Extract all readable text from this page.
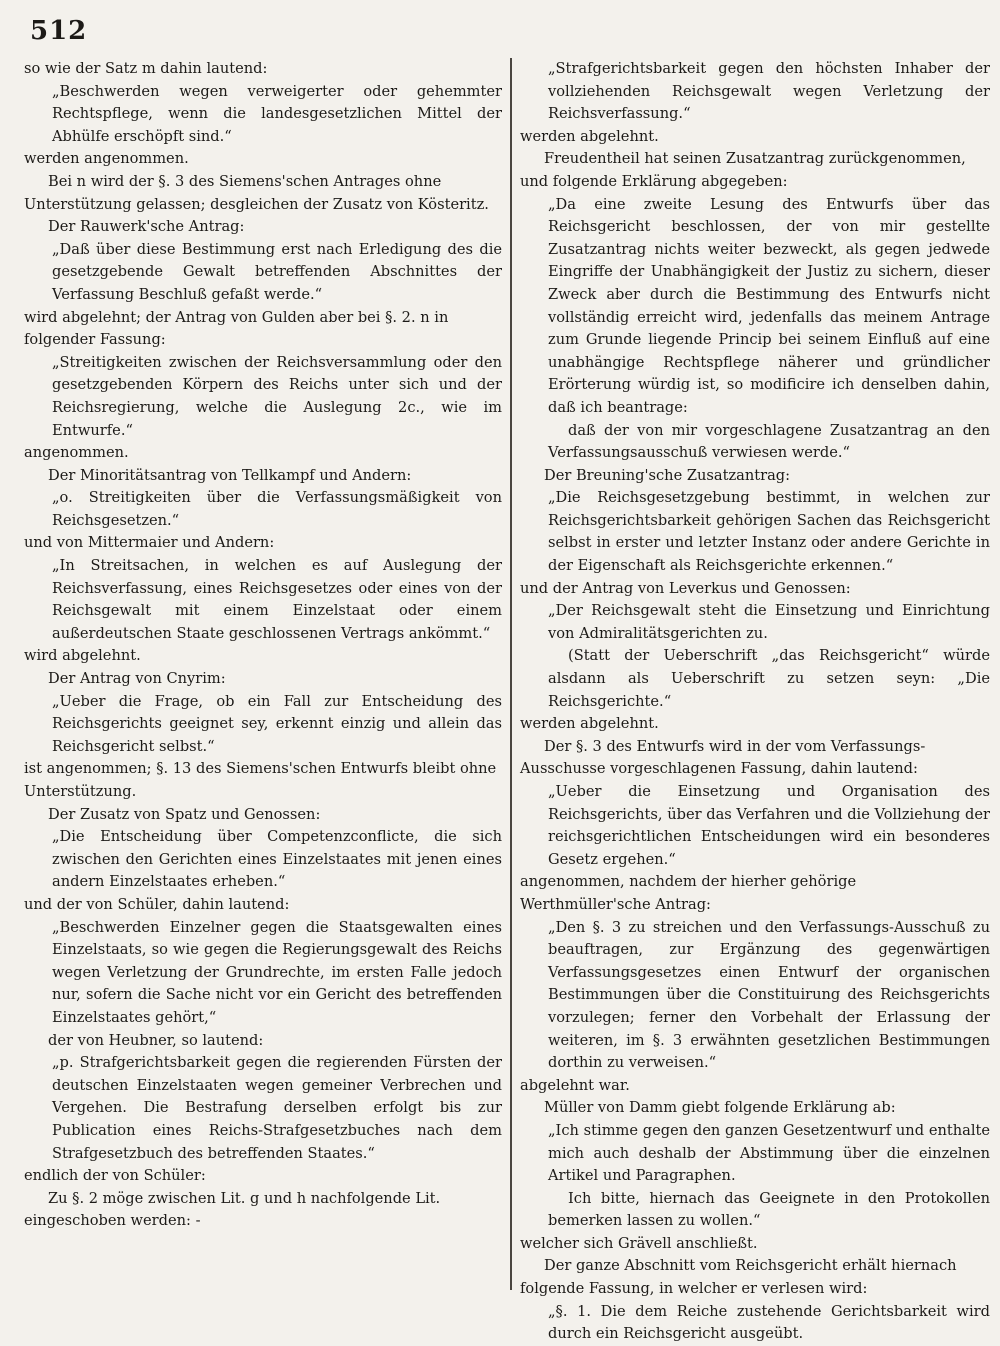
512

so wie der Satz m dahin lautend:

„Beschwerden wegen verweigerter oder gehemmter Rechtspflege, wenn die landesgesetzlichen Mittel der Abhülfe erschöpft sind.“

werden angenommen.

Bei n wird der §. 3 des Siemens'schen Antrages ohne Unterstützung gelassen; desgleichen der Zusatz von Kösteritz.

Der Rauwerk'sche Antrag:

„Daß über diese Bestimmung erst nach Erledigung des die gesetzgebende Gewalt betreffenden Abschnittes der Verfassung Beschluß gefaßt werde.“

wird abgelehnt; der Antrag von Gulden aber bei §. 2. n in folgender Fassung:

„Streitigkeiten zwischen der Reichsversammlung oder den gesetzgebenden Körpern des Reichs unter sich und der Reichsregierung, welche die Auslegung 2c., wie im Entwurfe.“

angenommen.

Der Minoritätsantrag von Tellkampf und Andern:

„o. Streitigkeiten über die Verfassungsmäßigkeit von Reichsgesetzen.“

und von Mittermaier und Andern:

„In Streitsachen, in welchen es auf Auslegung der Reichsverfassung, eines Reichsgesetzes oder eines von der Reichsgewalt mit einem Einzelstaat oder einem außerdeutschen Staate geschlossenen Vertrags ankömmt.“

wird abgelehnt.

Der Antrag von Cnyrim:

„Ueber die Frage, ob ein Fall zur Entscheidung des Reichsgerichts geeignet sey, erkennt einzig und allein das Reichsgericht selbst.“

ist angenommen; §. 13 des Siemens'schen Entwurfs bleibt ohne Unterstützung.

Der Zusatz von Spatz und Genossen:

„Die Entscheidung über Competenzconflicte, die sich zwischen den Gerichten eines Einzelstaates mit jenen eines andern Einzelstaates erheben.“

und der von Schüler, dahin lautend:

„Beschwerden Einzelner gegen die Staatsgewalten eines Einzelstaats, so wie gegen die Regierungsgewalt des Reichs wegen Verletzung der Grundrechte, im ersten Falle jedoch nur, sofern die Sache nicht vor ein Gericht des betreffenden Einzelstaates gehört,“

der von Heubner, so lautend:

„p. Strafgerichtsbarkeit gegen die regierenden Fürsten der deutschen Einzelstaaten wegen gemeiner Verbrechen und Vergehen. Die Bestrafung derselben erfolgt bis zur Publication eines Reichs-Strafgesetzbuches nach dem Strafgesetzbuch des betreffenden Staates.“

endlich der von Schüler:

Zu §. 2 möge zwischen Lit. g und h nachfolgende Lit. eingeschoben werden: -

„Strafgerichtsbarkeit gegen den höchsten Inhaber der vollziehenden Reichsgewalt wegen Verletzung der Reichsverfassung.“

werden abgelehnt.

Freudentheil hat seinen Zusatzantrag zurückgenommen, und folgende Erklärung abgegeben:

„Da eine zweite Lesung des Entwurfs über das Reichsgericht beschlossen, der von mir gestellte Zusatzantrag nichts weiter bezweckt, als gegen jedwede Eingriffe der Unabhängigkeit der Justiz zu sichern, dieser Zweck aber durch die Bestimmung des Entwurfs nicht vollständig erreicht wird, jedenfalls das meinem Antrage zum Grunde liegende Princip bei seinem Einfluß auf eine unabhängige Rechtspflege näherer und gründlicher Erörterung würdig ist, so modificire ich denselben dahin, daß ich beantrage:

daß der von mir vorgeschlagene Zusatzantrag an den Verfassungsausschuß verwiesen werde.“

Der Breuning'sche Zusatzantrag:

„Die Reichsgesetzgebung bestimmt, in welchen zur Reichsgerichtsbarkeit gehörigen Sachen das Reichsgericht selbst in erster und letzter Instanz oder andere Gerichte in der Eigenschaft als Reichsgerichte erkennen.“

und der Antrag von Leverkus und Genossen:

„Der Reichsgewalt steht die Einsetzung und Einrichtung von Admiralitätsgerichten zu.

(Statt der Ueberschrift „das Reichsgericht“ würde alsdann als Ueberschrift zu setzen seyn: „Die Reichsgerichte.“

werden abgelehnt.

Der §. 3 des Entwurfs wird in der vom Verfassungs-Ausschusse vorgeschlagenen Fassung, dahin lautend:

„Ueber die Einsetzung und Organisation des Reichsgerichts, über das Verfahren und die Vollziehung der reichsgerichtlichen Entscheidungen wird ein besonderes Gesetz ergehen.“

angenommen, nachdem der hierher gehörige Werthmüller'sche Antrag:

„Den §. 3 zu streichen und den Verfassungs-Ausschuß zu beauftragen, zur Ergänzung des gegenwärtigen Verfassungsgesetzes einen Entwurf der organischen Bestimmungen über die Constituirung des Reichsgerichts vorzulegen; ferner den Vorbehalt der Erlassung der weiteren, im §. 3 erwähnten gesetzlichen Bestimmungen dorthin zu verweisen.“

abgelehnt war.

Müller von Damm giebt folgende Erklärung ab:

„Ich stimme gegen den ganzen Gesetzentwurf und enthalte mich auch deshalb der Abstimmung über die einzelnen Artikel und Paragraphen.

Ich bitte, hiernach das Geeignete in den Protokollen bemerken lassen zu wollen.“

welcher sich Grävell anschließt.

Der ganze Abschnitt vom Reichsgericht erhält hiernach folgende Fassung, in welcher er verlesen wird:

„§. 1. Die dem Reiche zustehende Gerichtsbarkeit wird durch ein Reichsgericht ausgeübt.
